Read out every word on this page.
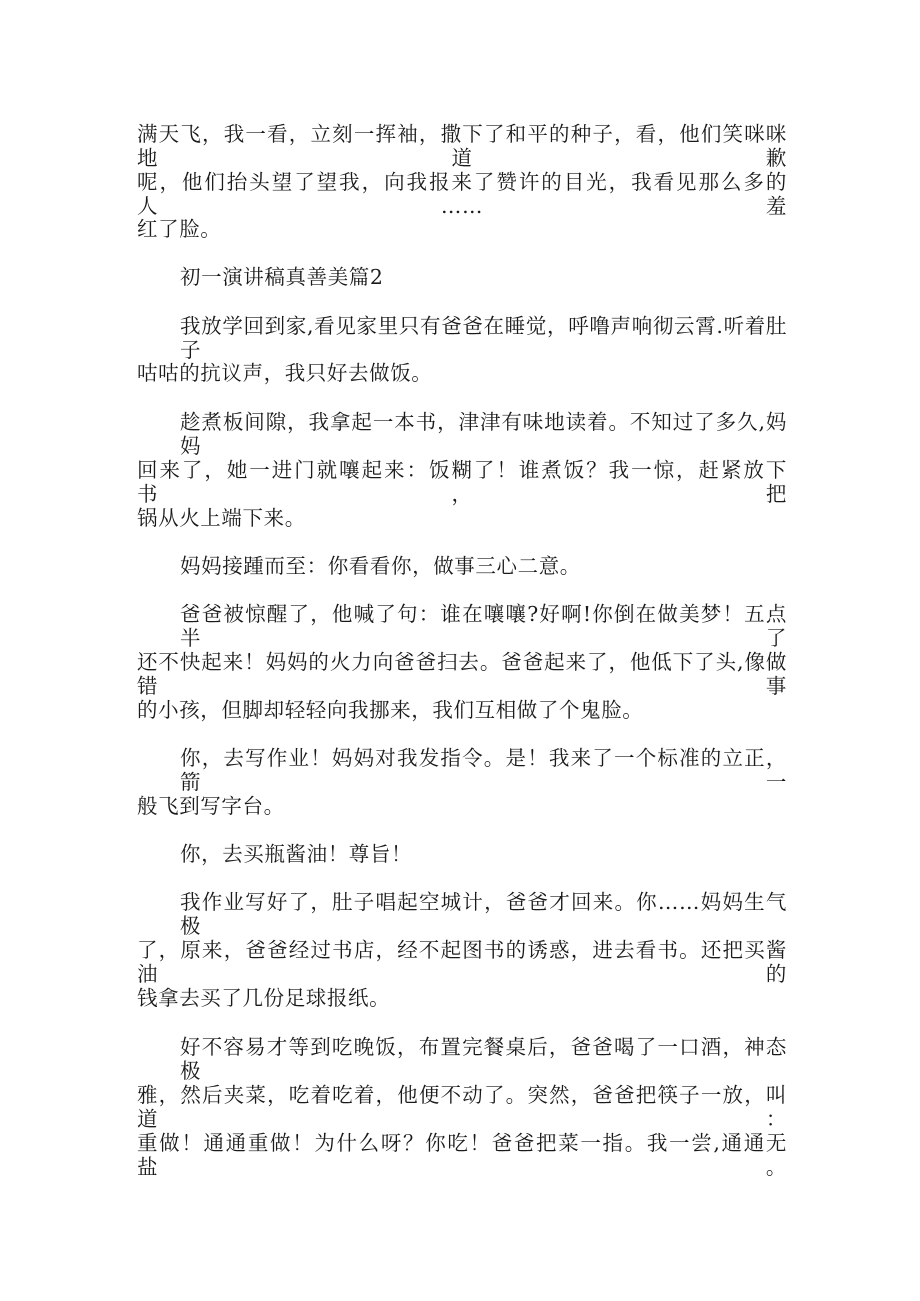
满天飞，我一看，立刻一挥袖，撒下了和平的种子，看，他们笑咪咪地道歉
呢，他们抬头望了望我，向我报来了赞许的目光，我看见那么多的人……羞
红了脸。
初一演讲稿真善美篇2
我放学回到家,看见家里只有爸爸在睡觉，呼噜声响彻云霄.听着肚子
咕咕的抗议声，我只好去做饭。
趁煮板间隙，我拿起一本书，津津有味地读着。不知过了多久,妈妈
回来了，她一进门就嚷起来：饭糊了！谁煮饭？我一惊，赶紧放下书，把
锅从火上端下来。
妈妈接踵而至：你看看你，做事三心二意。
爸爸被惊醒了，他喊了句：谁在嚷嚷?好啊!你倒在做美梦！五点半了
还不快起来！妈妈的火力向爸爸扫去。爸爸起来了，他低下了头,像做错事
的小孩，但脚却轻轻向我挪来，我们互相做了个鬼脸。
你，去写作业！妈妈对我发指令。是！我来了一个标准的立正，箭一
般飞到写字台。
你，去买瓶酱油！尊旨！
我作业写好了，肚子唱起空城计，爸爸才回来。你……妈妈生气极
了，原来，爸爸经过书店，经不起图书的诱惑，进去看书。还把买酱油的
钱拿去买了几份足球报纸。
好不容易才等到吃晚饭，布置完餐桌后，爸爸喝了一口酒，神态极
雅，然后夹菜，吃着吃着，他便不动了。突然，爸爸把筷子一放，叫道：
重做！通通重做！为什么呀？你吃！爸爸把菜一指。我一尝,通通无盐。
